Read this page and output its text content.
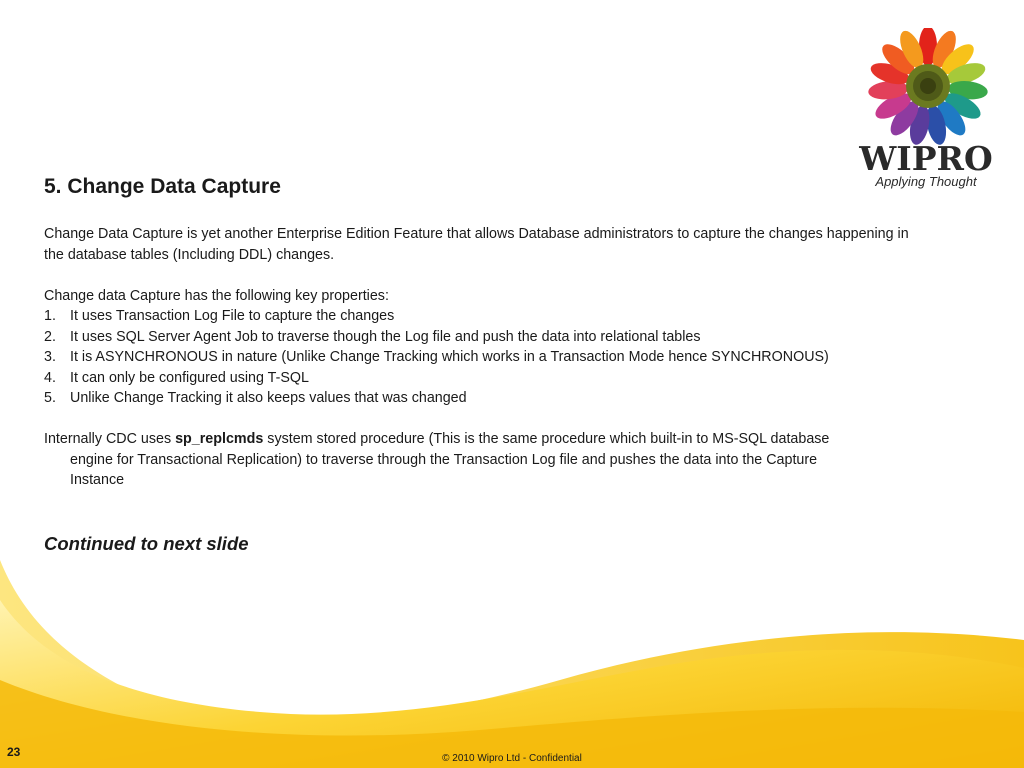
WIPRO
Applying Thought
5. Change Data Capture

Change Data Capture is yet another Enterprise Edition Feature that allows Database administrators to capture the changes happening in the database tables (Including DDL) changes.

Change data Capture has the following key properties:

1. It uses Transaction Log File to capture the changes
2. It uses SQL Server Agent Job to traverse though the Log file and push the data into relational tables
3. It is ASYNCHRONOUS in nature (Unlike Change Tracking which works in a Transaction Mode hence SYNCHRONOUS)
4. It can only be configured using T-SQL
5. Unlike Change Tracking it also keeps values that was changed

Internally CDC uses sp_replcmds system stored procedure (This is the same procedure which built-in to MS-SQL database
engine for Transactional Replication) to traverse through the Transaction Log file and pushes the data into the Capture
Instance

Continued to next slide

23	© 2010 Wipro Ltd - Confidential
